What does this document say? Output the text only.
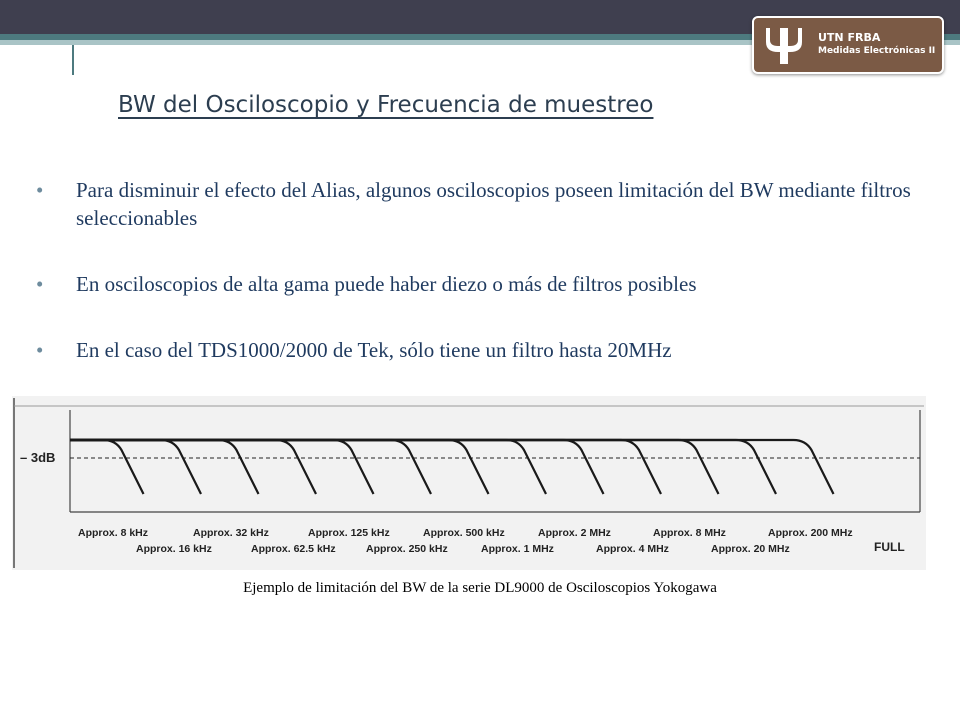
UTN FRBA
Medidas Electrónicas II
BW del Osciloscopio y Frecuencia de muestreo
• Para disminuir el efecto del Alias, algunos osciloscopios poseen limitación del BW mediante filtros seleccionables
• En osciloscopios de alta gama puede haber diezo o más de filtros posibles
• En el caso del TDS1000/2000 de Tek, sólo tiene un filtro hasta 20MHz
– 3dB
Approx. 8 kHz
Approx. 16 kHz
Approx. 32 kHz
Approx. 62.5 kHz
Approx. 125 kHz
Approx. 250 kHz
Approx. 500 kHz
Approx. 1 MHz
Approx. 2 MHz
Approx. 4 MHz
Approx. 8 MHz
Approx. 20 MHz
Approx. 200 MHz
FULL
Ejemplo de limitación del BW de la serie DL9000 de Osciloscopios Yokogawa
